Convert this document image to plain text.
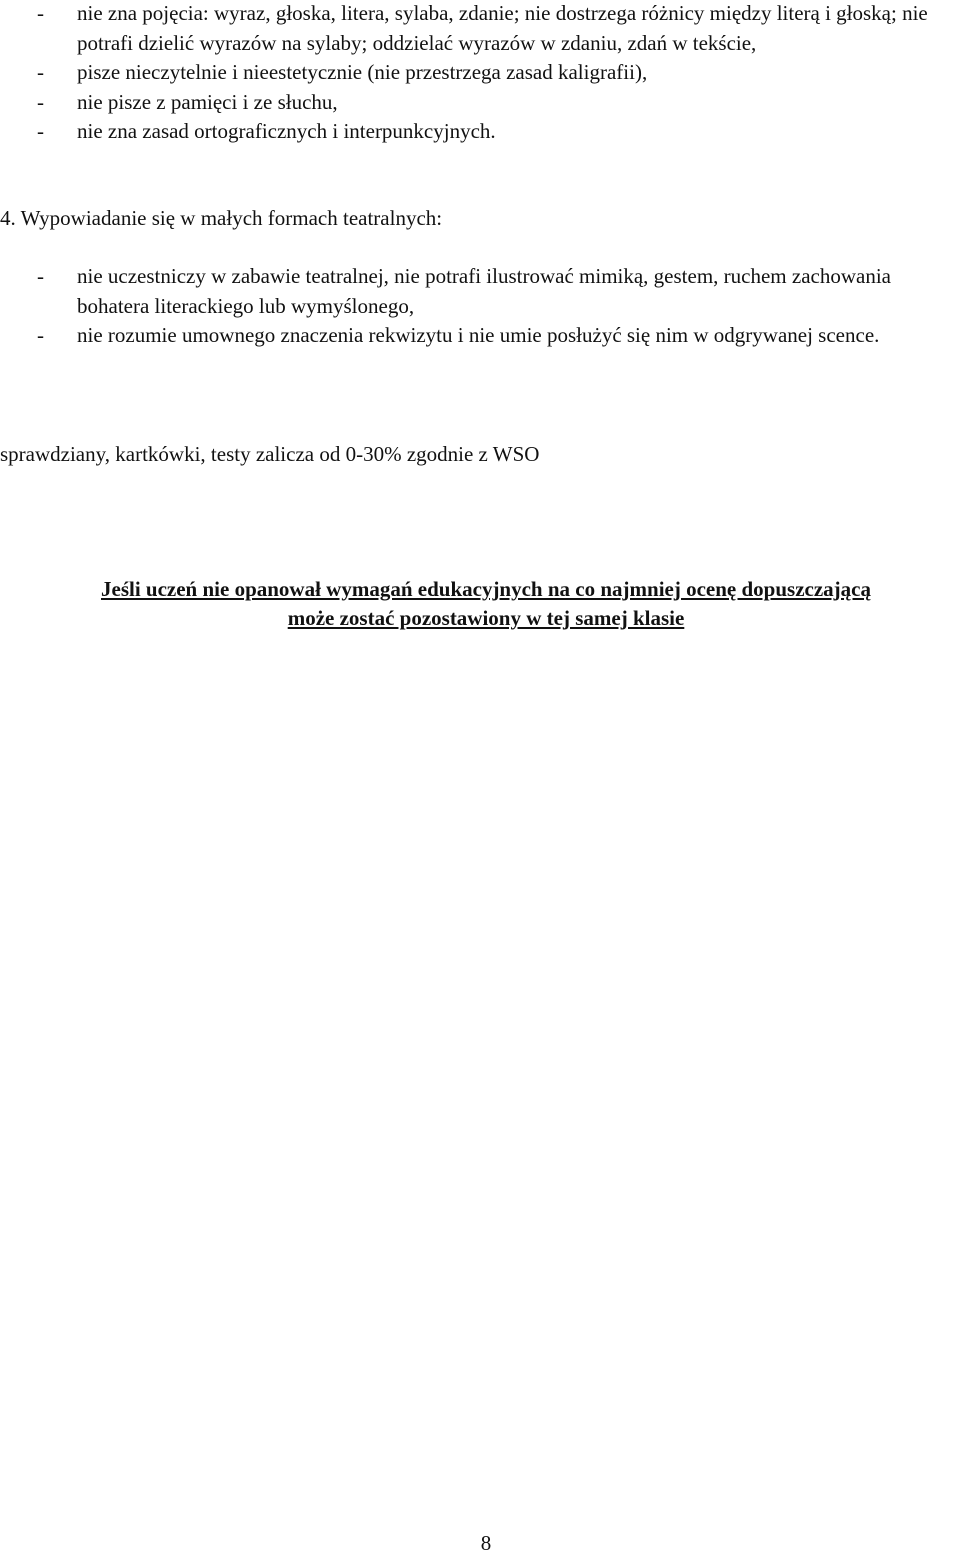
- nie zna pojęcia: wyraz, głoska, litera, sylaba, zdanie; nie dostrzega różnicy między literą i głoską; nie potrafi dzielić wyrazów na sylaby; oddzielać wyrazów w zdaniu, zdań w tekście,
- pisze nieczytelnie i nieestetycznie (nie przestrzega zasad kaligrafii),
- nie pisze z pamięci i ze słuchu,
- nie zna zasad ortograficznych i interpunkcyjnych.
4. Wypowiadanie się w małych formach teatralnych:
- nie uczestniczy w zabawie teatralnej, nie potrafi ilustrować mimiką, gestem, ruchem zachowania bohatera literackiego lub wymyślonego,
- nie rozumie umownego znaczenia rekwizytu i nie umie posłużyć się nim w odgrywanej scence.

sprawdziany, kartkówki, testy zalicza od 0-30% zgodnie z WSO

Jeśli uczeń nie opanował wymagań edukacyjnych na co najmniej ocenę dopuszczającą
może zostać pozostawiony w tej samej klasie

8
